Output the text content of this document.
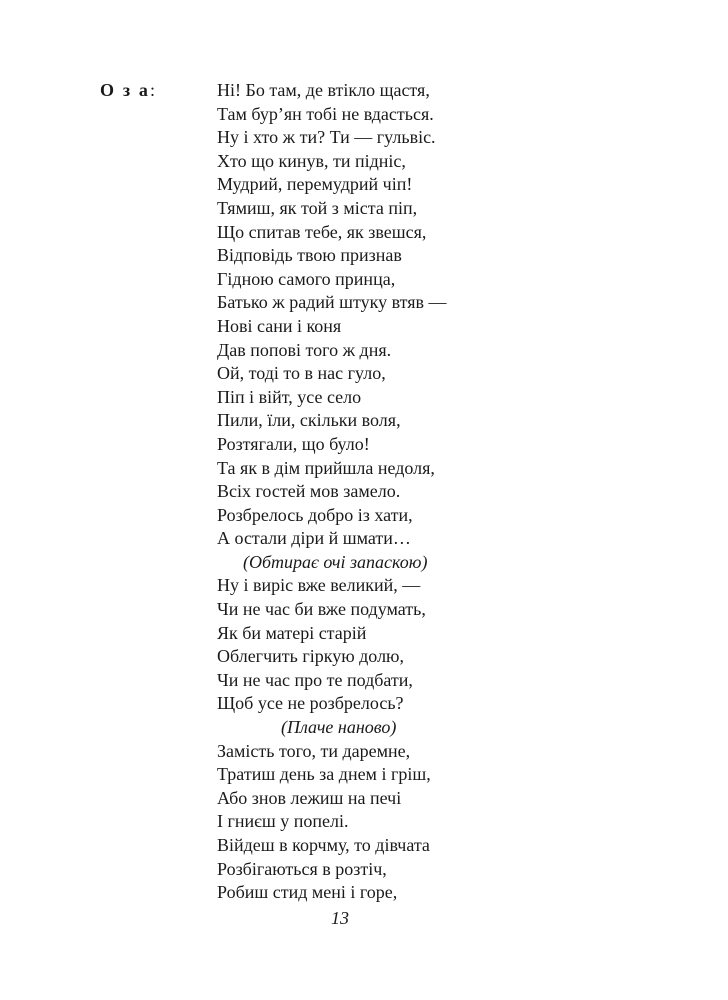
О з а:	Ні! Бо там, де втікло щастя,
Там бур’ян тобі не вдасться.
Ну і хто ж ти? Ти — гульвіс.
Хто що кинув, ти підніс,
Мудрий, перемудрий чіп!
Тямиш, як той з міста піп,
Що спитав тебе, як звешся,
Відповідь твою признав
Гідною самого принца,
Батько ж радий штуку втяв —
Нові сани і коня
Дав попові того ж дня.
Ой, тоді то в нас гуло,
Піп і війт, усе село
Пили, їли, скільки воля,
Розтягали, що було!
Та як в дім прийшла недоля,
Всіх гостей мов замело.
Розбрелось добро із хати,
А остали діри й шмати…
(Обтирає очі запаскою)
Ну і виріс вже великий, —
Чи не час би вже подумать,
Як би матері старій
Облегчить гіркую долю,
Чи не час про те подбати,
Щоб усе не розбрелось?
(Плаче наново)
Замість того, ти даремне,
Тратиш день за днем і гріш,
Або знов лежиш на печі
І гниєш у попелі.
Війдеш в корчму, то дівчата
Розбігаються в розтіч,
Робиш стид мені і горе,
13
